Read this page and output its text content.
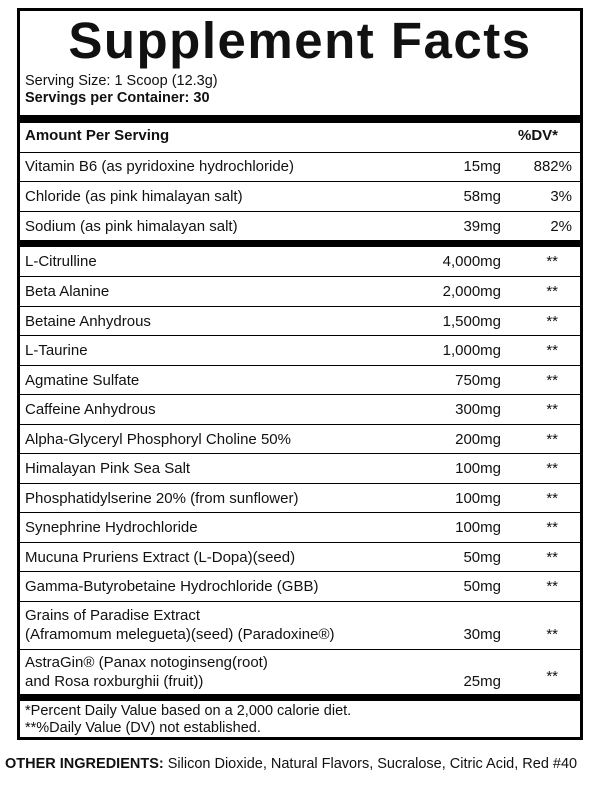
Supplement Facts
Serving Size: 1 Scoop (12.3g)
Servings per Container: 30
Amount Per Serving	%DV*
Vitamin B6 (as pyridoxine hydrochloride)	15mg	882%
Chloride (as pink himalayan salt)	58mg	3%
Sodium (as pink himalayan salt)	39mg	2%
L-Citrulline	4,000mg	**
Beta Alanine	2,000mg	**
Betaine Anhydrous	1,500mg	**
L-Taurine	1,000mg	**
Agmatine Sulfate	750mg	**
Caffeine Anhydrous	300mg	**
Alpha-Glyceryl Phosphoryl Choline 50%	200mg	**
Himalayan Pink Sea Salt	100mg	**
Phosphatidylserine 20% (from sunflower)	100mg	**
Synephrine Hydrochloride	100mg	**
Mucuna Pruriens Extract (L-Dopa)(seed)	50mg	**
Gamma-Butyrobetaine Hydrochloride (GBB)	50mg	**
Grains of Paradise Extract
(Aframomum melegueta)(seed) (Paradoxine®)	30mg	**
AstraGin® (Panax notoginseng(root)
and Rosa roxburghii (fruit))	25mg	**
*Percent Daily Value based on a 2,000 calorie diet.
**%Daily Value (DV) not established.
OTHER INGREDIENTS: Silicon Dioxide, Natural Flavors, Sucralose, Citric Acid, Red #40
